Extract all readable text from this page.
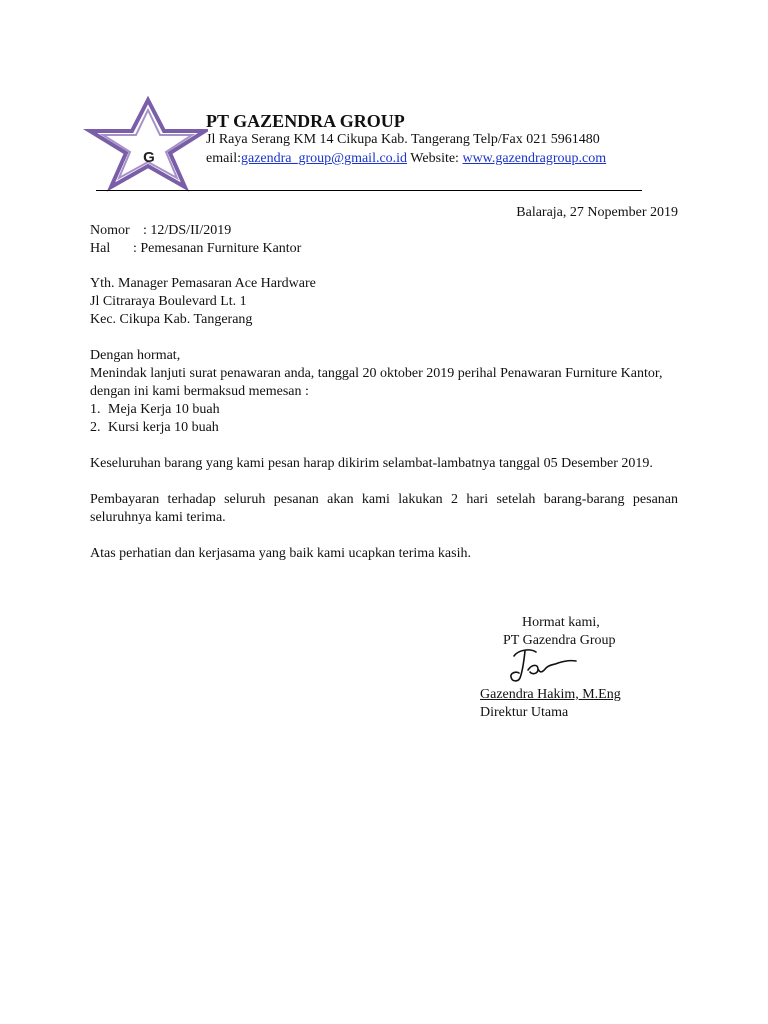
G
PT GAZENDRA GROUP
Jl Raya Serang KM 14 Cikupa Kab. Tangerang Telp/Fax 021 5961480
email:gazendra_group@gmail.co.id Website: www.gazendragroup.com
Balaraja, 27 Nopember 2019
Nomor : 12/DS/II/2019
Hal : Pemesanan Furniture Kantor
Yth. Manager Pemasaran Ace Hardware
Jl Citraraya Boulevard Lt. 1
Kec. Cikupa Kab. Tangerang
Dengan hormat,
Menindak lanjuti surat penawaran anda, tanggal 20 oktober 2019 perihal Penawaran Furniture Kantor, dengan ini kami bermaksud memesan :
1. Meja Kerja 10 buah
2. Kursi kerja 10 buah
Keseluruhan barang yang kami pesan harap dikirim selambat-lambatnya tanggal 05 Desember 2019.
Pembayaran terhadap seluruh pesanan akan kami lakukan 2 hari setelah barang-barang pesanan seluruhnya kami terima.
Atas perhatian dan kerjasama yang baik kami ucapkan terima kasih.
Hormat kami,
PT Gazendra Group
Gazendra Hakim, M.Eng
Direktur Utama
